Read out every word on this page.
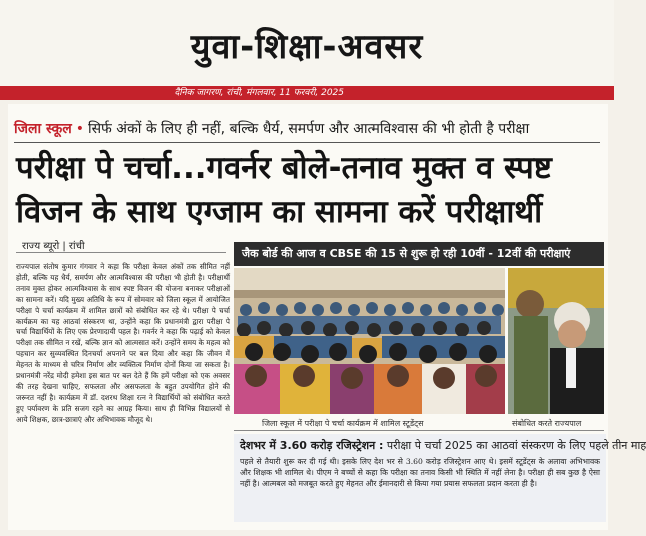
युवा-शिक्षा-अवसर
दैनिक जागरण, रांची, मंगलवार, 11 फरवरी, 2025
जिला स्कूल • सिर्फ अंकों के लिए ही नहीं, बल्कि धैर्य, समर्पण और आत्मविश्वास की भी होती है परीक्षा
परीक्षा पे चर्चा...गवर्नर बोले-तनाव मुक्त व स्पष्ट
विजन के साथ एग्जाम का सामना करें परीक्षार्थी
राज्य ब्यूरो | रांची
राज्यपाल संतोष कुमार गंगवार ने कहा कि परीक्षा केवल अंकों तक सीमित नहीं होती, बल्कि यह धैर्य, समर्पण और आत्मविश्वास की परीक्षा भी होती है। परीक्षार्थी तनाव मुक्त होकर आत्मविश्वास के साथ स्पष्ट विजन की योजना बनाकर परीक्षाओं का सामना करें। यदि मुख्य अतिथि के रूप में सोमवार को जिला स्कूल में आयोजित परीक्षा पे चर्चा कार्यक्रम में शामिल छात्रों को संबोधित कर रहे थे। परीक्षा पे चर्चा कार्यक्रम का यह आठवां संस्करण था, उन्होंने कहा कि प्रधानमंत्री द्वारा परीक्षा पे चर्चा विद्यार्थियों के लिए एक प्रेरणादायी पहल है। गवर्नर ने कहा कि पढ़ाई को केवल परीक्षा तक सीमित न रखें, बल्कि ज्ञान को आत्मसात करें। उन्होंने समय के महत्व को पहचान कर सुव्यवस्थित दिनचर्या अपनाने पर बल दिया और कहा कि जीवन में मेहनत के माध्यम से चरित्र निर्माण और व्यक्तित्व निर्माण दोनों किया जा सकता है। प्रधानमंत्री नरेंद्र मोदी हमेशा इस बात पर बल देते हैं कि हमें परीक्षा को एक अवसर की तरह देखना चाहिए, सफलता और असफलता के बहुत उपयोगित होने की जरूरत नहीं है। कार्यक्रम में डॉ. दशरथ शिक्षा रत्न ने विद्यार्थियों को संबोधित करते हुए पर्यावरण के प्रति सजग रहने का आग्रह किया। साथ ही विभिन्न विद्यालयों से आये शिक्षक, छात्र-छात्राएं और अभिभावक मौजूद थे।
जैक बोर्ड की आज व CBSE की 15 से शुरू हो रही 10वीं - 12वीं की परीक्षाएं
जिला स्कूल में परीक्षा पे चर्चा कार्यक्रम में शामिल स्टूडेंट्स	संबोधित करते राज्यपाल
देशभर में 3.60 करोड़ रजिस्ट्रेशन : परीक्षा पे चर्चा 2025 का आठवां संस्करण के लिए पहले तीन माह
पहले से तैयारी शुरू कर दी गई थी। इसके लिए देश भर से 3.60 करोड़ रजिस्ट्रेशन आए थे। इसमें स्टूडेंट्स के अलावा अभिभावक और शिक्षक भी शामिल थे। पीएम ने बच्चों से कहा कि परीक्षा का तनाव किसी भी स्थिति में नहीं लेना है। परीक्षा ही सब कुछ है ऐसा नहीं है। आत्मबल को मजबूत करते हुए मेहनत और ईमानदारी से किया गया प्रयास सफलता प्रदान करता ही है।
